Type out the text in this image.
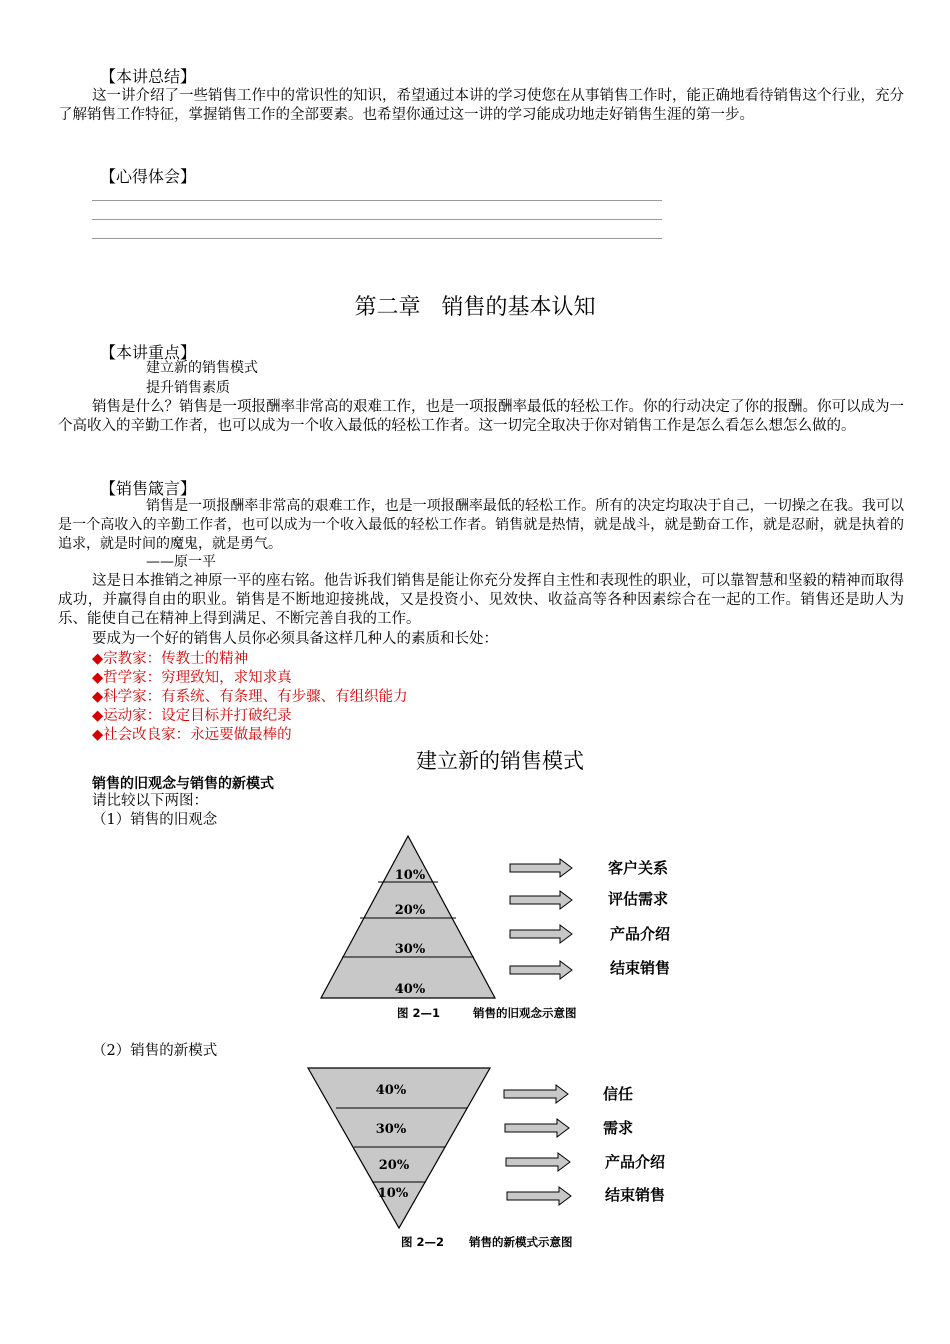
【本讲总结】
这一讲介绍了一些销售工作中的常识性的知识，希望通过本讲的学习使您在从事销售工作时，能正确地看待销售这个行业，充分了解销售工作特征，掌握销售工作的全部要素。也希望你通过这一讲的学习能成功地走好销售生涯的第一步。
【心得体会】
第二章   销售的基本认知
【本讲重点】
建立新的销售模式
提升销售素质
销售是什么？销售是一项报酬率非常高的艰难工作，也是一项报酬率最低的轻松工作。你的行动决定了你的报酬。你可以成为一个高收入的辛勤工作者，也可以成为一个收入最低的轻松工作者。这一切完全取决于你对销售工作是怎么看怎么想怎么做的。
【销售箴言】
销售是一项报酬率非常高的艰难工作，也是一项报酬率最低的轻松工作。所有的决定均取决于自己，一切操之在我。我可以是一个高收入的辛勤工作者，也可以成为一个收入最低的轻松工作者。销售就是热情，就是战斗，就是勤奋工作，就是忍耐，就是执着的追求，就是时间的魔鬼，就是勇气。
——原一平
这是日本推销之神原一平的座右铭。他告诉我们销售是能让你充分发挥自主性和表现性的职业，可以靠智慧和坚毅的精神而取得成功，并赢得自由的职业。销售是不断地迎接挑战，又是投资小、见效快、收益高等各种因素综合在一起的工作。销售还是助人为乐、能使自己在精神上得到满足、不断完善自我的工作。
要成为一个好的销售人员你必须具备这样几种人的素质和长处：
◆宗教家：传教士的精神
◆哲学家：穷理致知，求知求真
◆科学家：有系统、有条理、有步骤、有组织能力
◆运动家：设定目标并打破纪录
◆社会改良家：永远要做最棒的
建立新的销售模式
销售的旧观念与销售的新模式
请比较以下两图：
（1）销售的旧观念
10%
20%
30%
40%
客户关系
评估需求
产品介绍
结束销售
图 2—1	销售的旧观念示意图
（2）销售的新模式
40%
30%
20%
10%
信任
需求
产品介绍
结束销售
图 2—2 销售的新模式示意图
